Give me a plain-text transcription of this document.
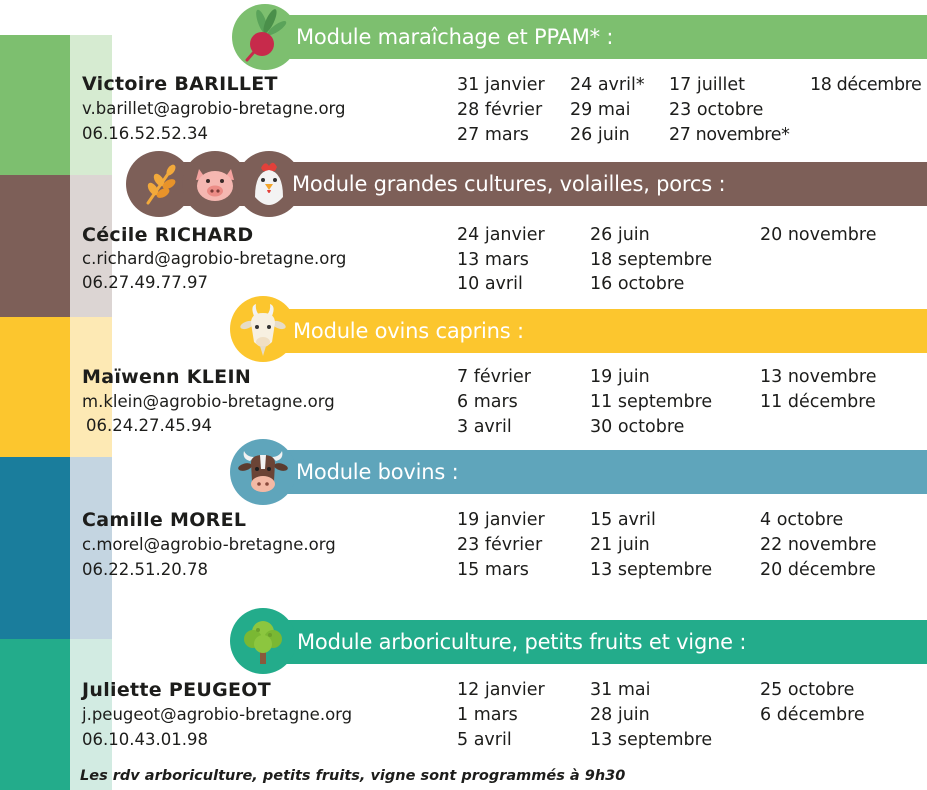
Module maraîchage et PPAM* :
Victoire BARILLET
v.barillet@agrobio-bretagne.org
06.16.52.52.34
31 janvier
28 février
27 mars
24 avril*
29 mai
26 juin
17 juillet
23 octobre
27 novembre*
18 décembre
Module grandes cultures, volailles, porcs :
Cécile RICHARD
c.richard@agrobio-bretagne.org
06.27.49.77.97
24 janvier
13 mars
10 avril
26 juin
18 septembre
16 octobre
20 novembre
Module ovins caprins :
Maïwenn KLEIN
m.klein@agrobio-bretagne.org
06.24.27.45.94
7 février
6 mars
3 avril
19 juin
11 septembre
30 octobre
13 novembre
11 décembre
Module bovins :
Camille MOREL
c.morel@agrobio-bretagne.org
06.22.51.20.78
19 janvier
23 février
15 mars
15 avril
21 juin
13 septembre
4 octobre
22 novembre
20 décembre
Module arboriculture, petits fruits et vigne :
Juliette PEUGEOT
j.peugeot@agrobio-bretagne.org
06.10.43.01.98
12 janvier
1 mars
5 avril
31 mai
28 juin
13 septembre
25 octobre
6 décembre
Les rdv arboriculture, petits fruits, vigne sont programmés à 9h30
